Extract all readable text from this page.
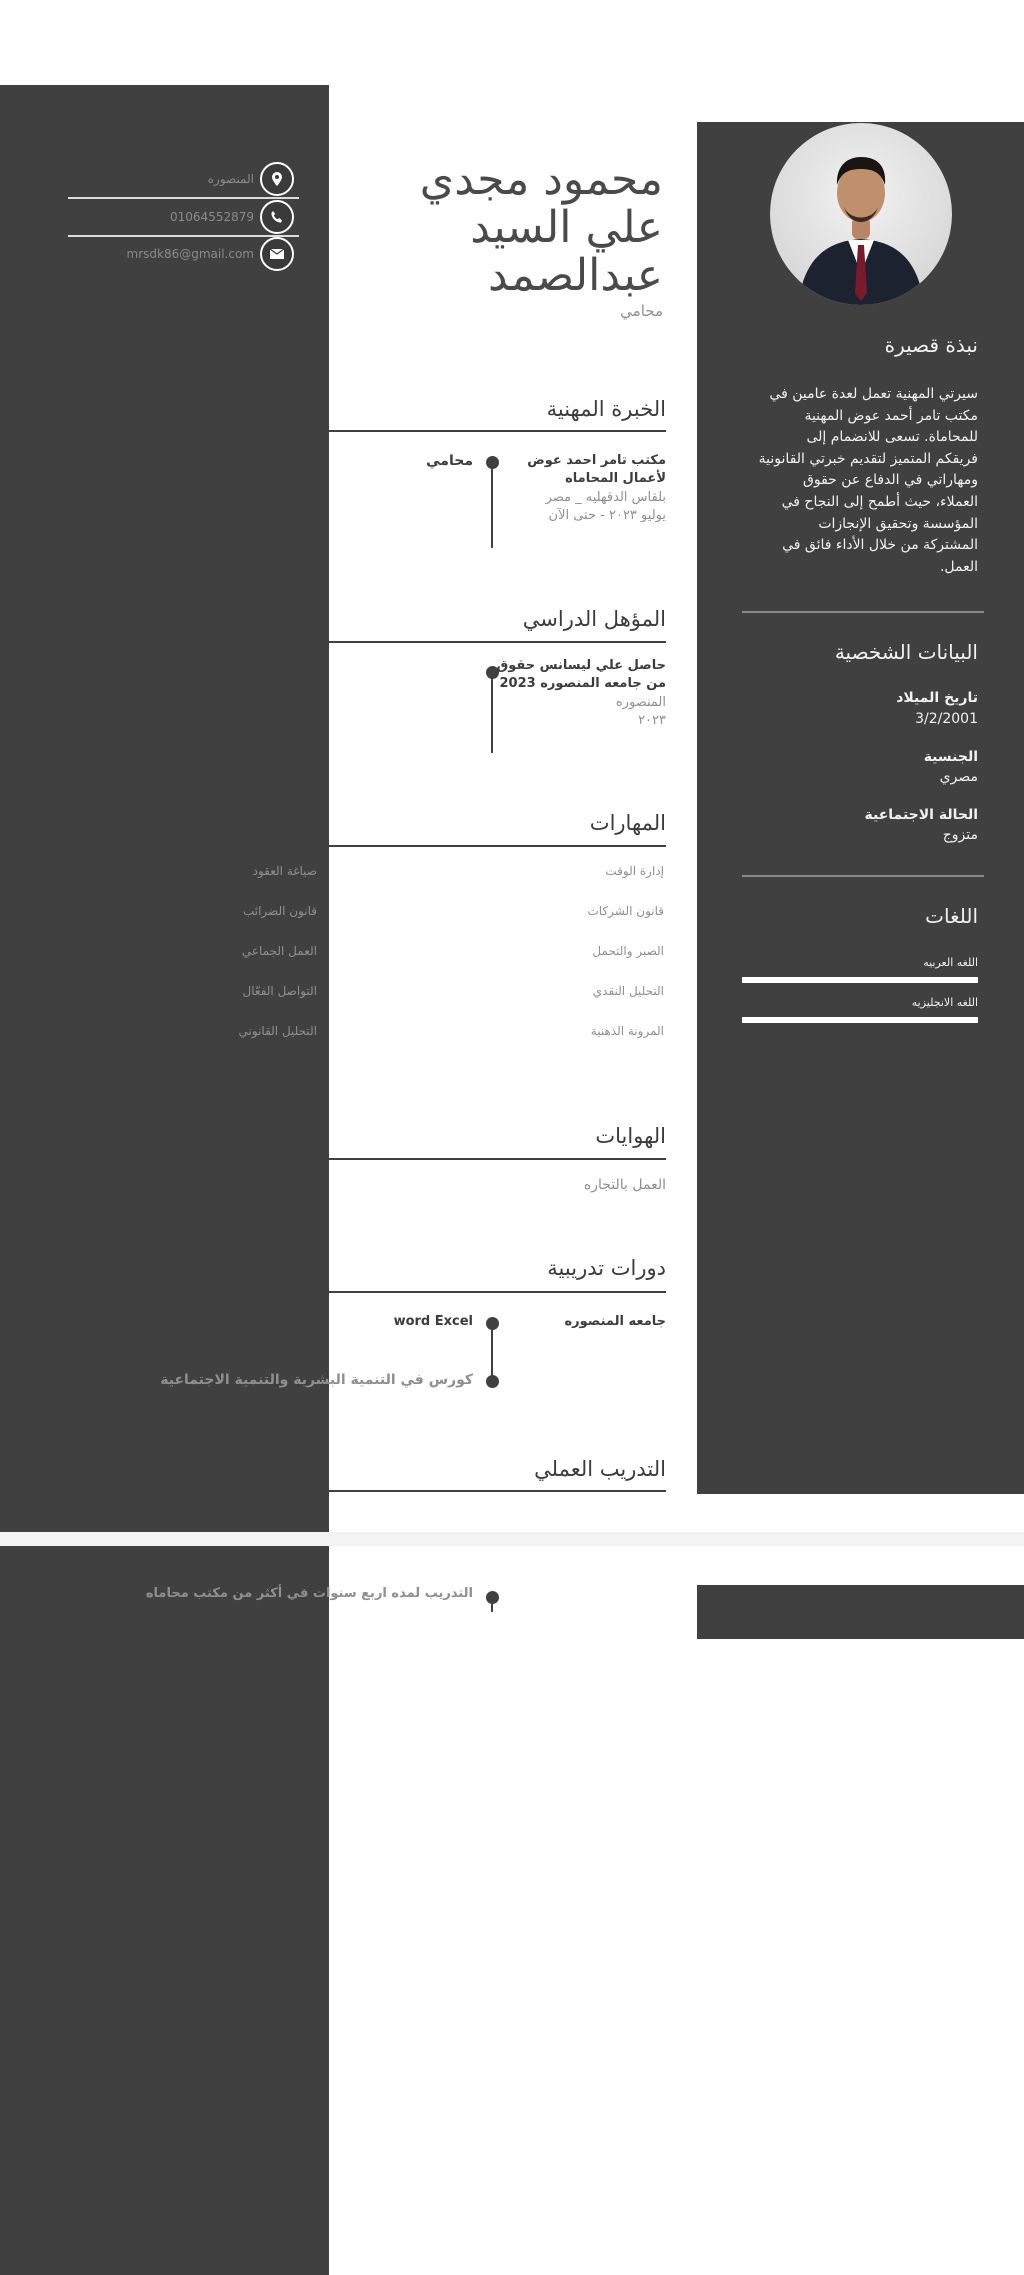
المنصوره
01064552879
mrsdk86@gmail.com
محمود مجدي
علي السيد
عبدالصمد
محامي
الخبرة المهنية
مكتب تامر احمد عوض
لأعمال المحاماه
بلقاس الدقهليه _ مصر
يوليو ٢٠٢٣ - حتى الآن
محامي
المؤهل الدراسي
حاصل علي ليسانس حقوق
من جامعه المنصوره 2023
المنصوره
٢٠٢٣
المهارات
إدارة الوقت
قانون الشركات
الصبر والتحمل
التحليل النقدي
المرونة الذهنية
صياغة العقود
قانون الضرائب
العمل الجماعي
التواصل الفعّال
التحليل القانوني
الهوايات
العمل بالتجاره
دورات تدريبية
جامعه المنصوره
word Excel
كورس في التنمية البشرية والتنمية الاجتماعية
التدريب العملي
التدريب لمده اربع سنوات في أكثر من مكتب محاماه
نبذة قصيرة
سيرتي المهنية تعمل لعدة عامين في
مكتب تامر أحمد عوض المهنية
للمحاماة. تسعى للانضمام إلى
فريقكم المتميز لتقديم خبرتي القانونية
ومهاراتي في الدفاع عن حقوق
العملاء، حيث أطمح إلى النجاح في
المؤسسة وتحقيق الإنجازات
المشتركة من خلال الأداء فائق في
العمل.
البيانات الشخصية
تاريخ الميلاد
3/2/2001
الجنسية
مصري
الحالة الاجتماعية
متزوج
اللغات
اللغه العربيه
اللغه الانجليزيه
